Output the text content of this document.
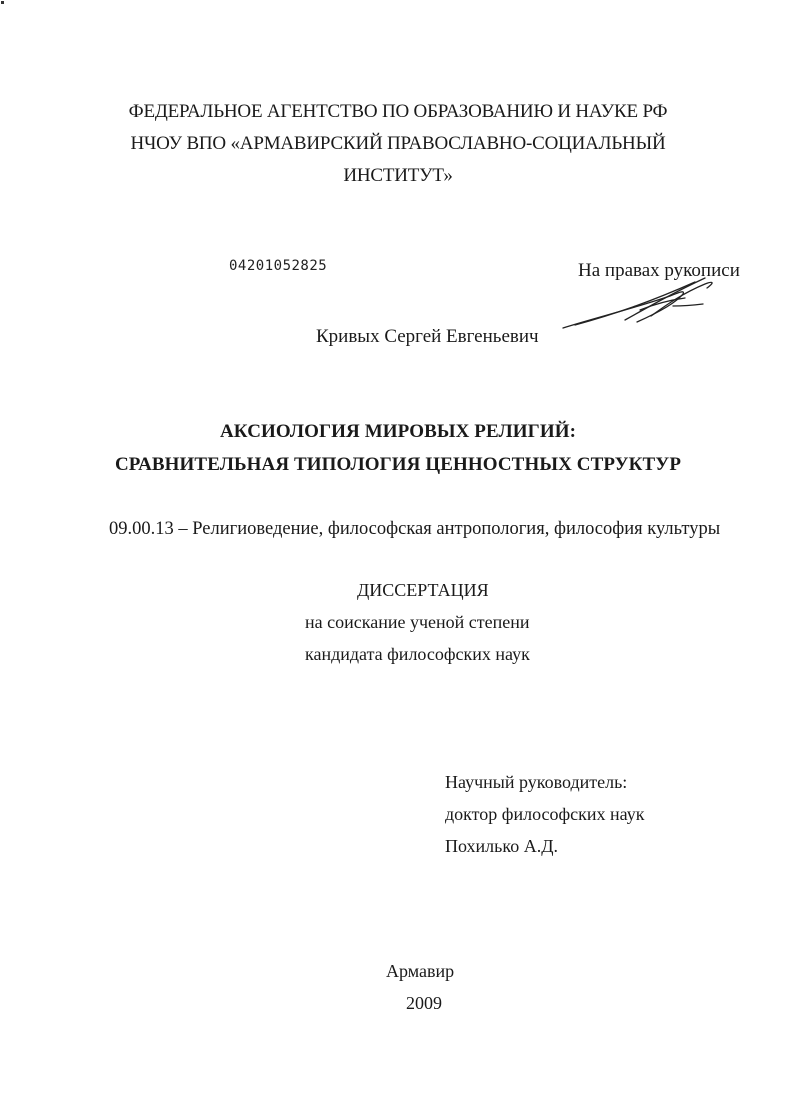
ФЕДЕРАЛЬНОЕ АГЕНТСТВО ПО ОБРАЗОВАНИЮ И НАУКЕ РФ
НЧОУ ВПО «АРМАВИРСКИЙ ПРАВОСЛАВНО-СОЦИАЛЬНЫЙ
ИНСТИТУТ»
04201052825	На правах рукописи
Кривых Сергей Евгеньевич
АКСИОЛОГИЯ МИРОВЫХ РЕЛИГИЙ:
СРАВНИТЕЛЬНАЯ ТИПОЛОГИЯ ЦЕННОСТНЫХ СТРУКТУР
09.00.13 – Религиоведение, философская антропология, философия культуры
ДИССЕРТАЦИЯ
на соискание ученой степени
кандидата философских наук
Научный руководитель:
доктор философских наук
Похилько А.Д.
Армавир
2009
